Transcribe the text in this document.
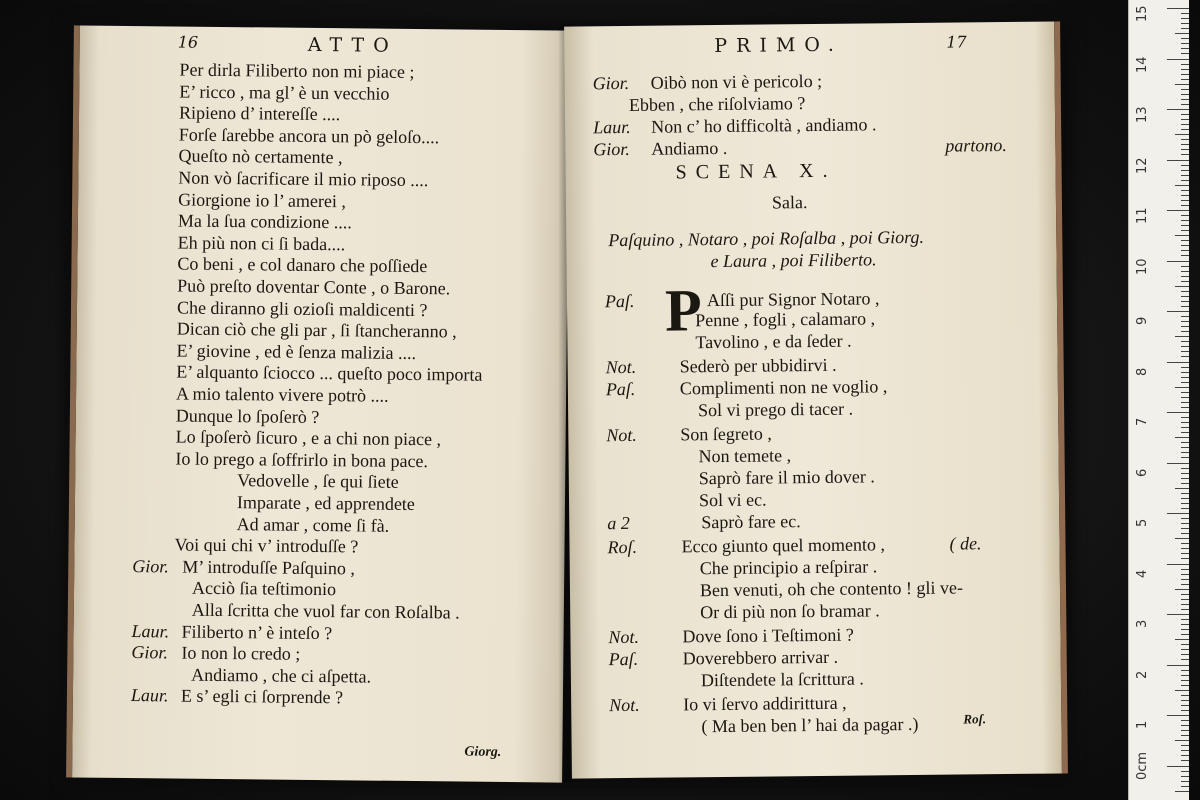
16	ATTO
Per dirla Filiberto non mi piace ;
E’ ricco , ma gl’ è un vecchio
Ripieno d’ intereſſe ....
Forſe ſarebbe ancora un pò geloſo....
Queſto nò certamente ,
Non vò ſacrificare il mio riposo ....
Giorgione io l’ amerei ,
Ma la ſua condizione ....
Eh più non ci ſi bada....
Co beni , e col danaro che poſſiede
Può preſto doventar Conte , o Barone.
Che diranno gli ozioſi maldicenti ?
Dican ciò che gli par , ſi ſtancheranno ,
E’ giovine , ed è ſenza malizia ....
E’ alquanto ſciocco ... queſto poco importa
A mio talento vivere potrò ....
Dunque lo ſpoſerò ?
Lo ſpoſerò ſicuro , e a chi non piace ,
Io lo prego a ſoffrirlo in bona pace.
Vedovelle , ſe qui ſiete
Imparate , ed apprendete
Ad amar , come ſi fà.
Voi qui chi v’ introduſſe ?
Gior. M’ introduſſe Paſquino ,
Acciò ſia teſtimonio
Alla ſcritta che vuol far con Roſalba .
Laur. Filiberto n’ è inteſo ?
Gior. Io non lo credo ;
Andiamo , che ci aſpetta.
Laur. E s’ egli ci ſorprende ?
Giorg.
PRIMO.	17
Gior. Oibò non vi è pericolo ;
Ebben , che riſolviamo ?
Laur. Non c’ ho difficoltà , andiamo .
Gior. Andiamo .	partono.
SCENA X.
Sala.
Paſquino , Notaro , poi Roſalba , poi Giorg.
e Laura , poi Filiberto.
P
Paſ.	Aſſi pur Signor Notaro ,
Penne , fogli , calamaro ,
Tavolino , e da ſeder .
Not. Sederò per ubbidirvi .
Paſ. Complimenti non ne voglio ,
Sol vi prego di tacer .
Not. Son ſegreto ,
Non temete ,
Saprò fare il mio dover .
Sol vi ec.
a 2	Saprò fare ec.
Roſ. Ecco giunto quel momento ,	( de.
Che principio a reſpirar .
Ben venuti, oh che contento ! gli ve-
Or di più non ſo bramar .
Not. Dove ſono i Teſtimoni ?
Paſ. Doverebbero arrivar .
Diſtendete la ſcrittura .
Not. Io vi ſervo addirittura ,
( Ma ben ben l’ hai da pagar .)	Roſ.
15
14
13
12
11
10
9
8
7
6
5
4
3
2
1
0cm
